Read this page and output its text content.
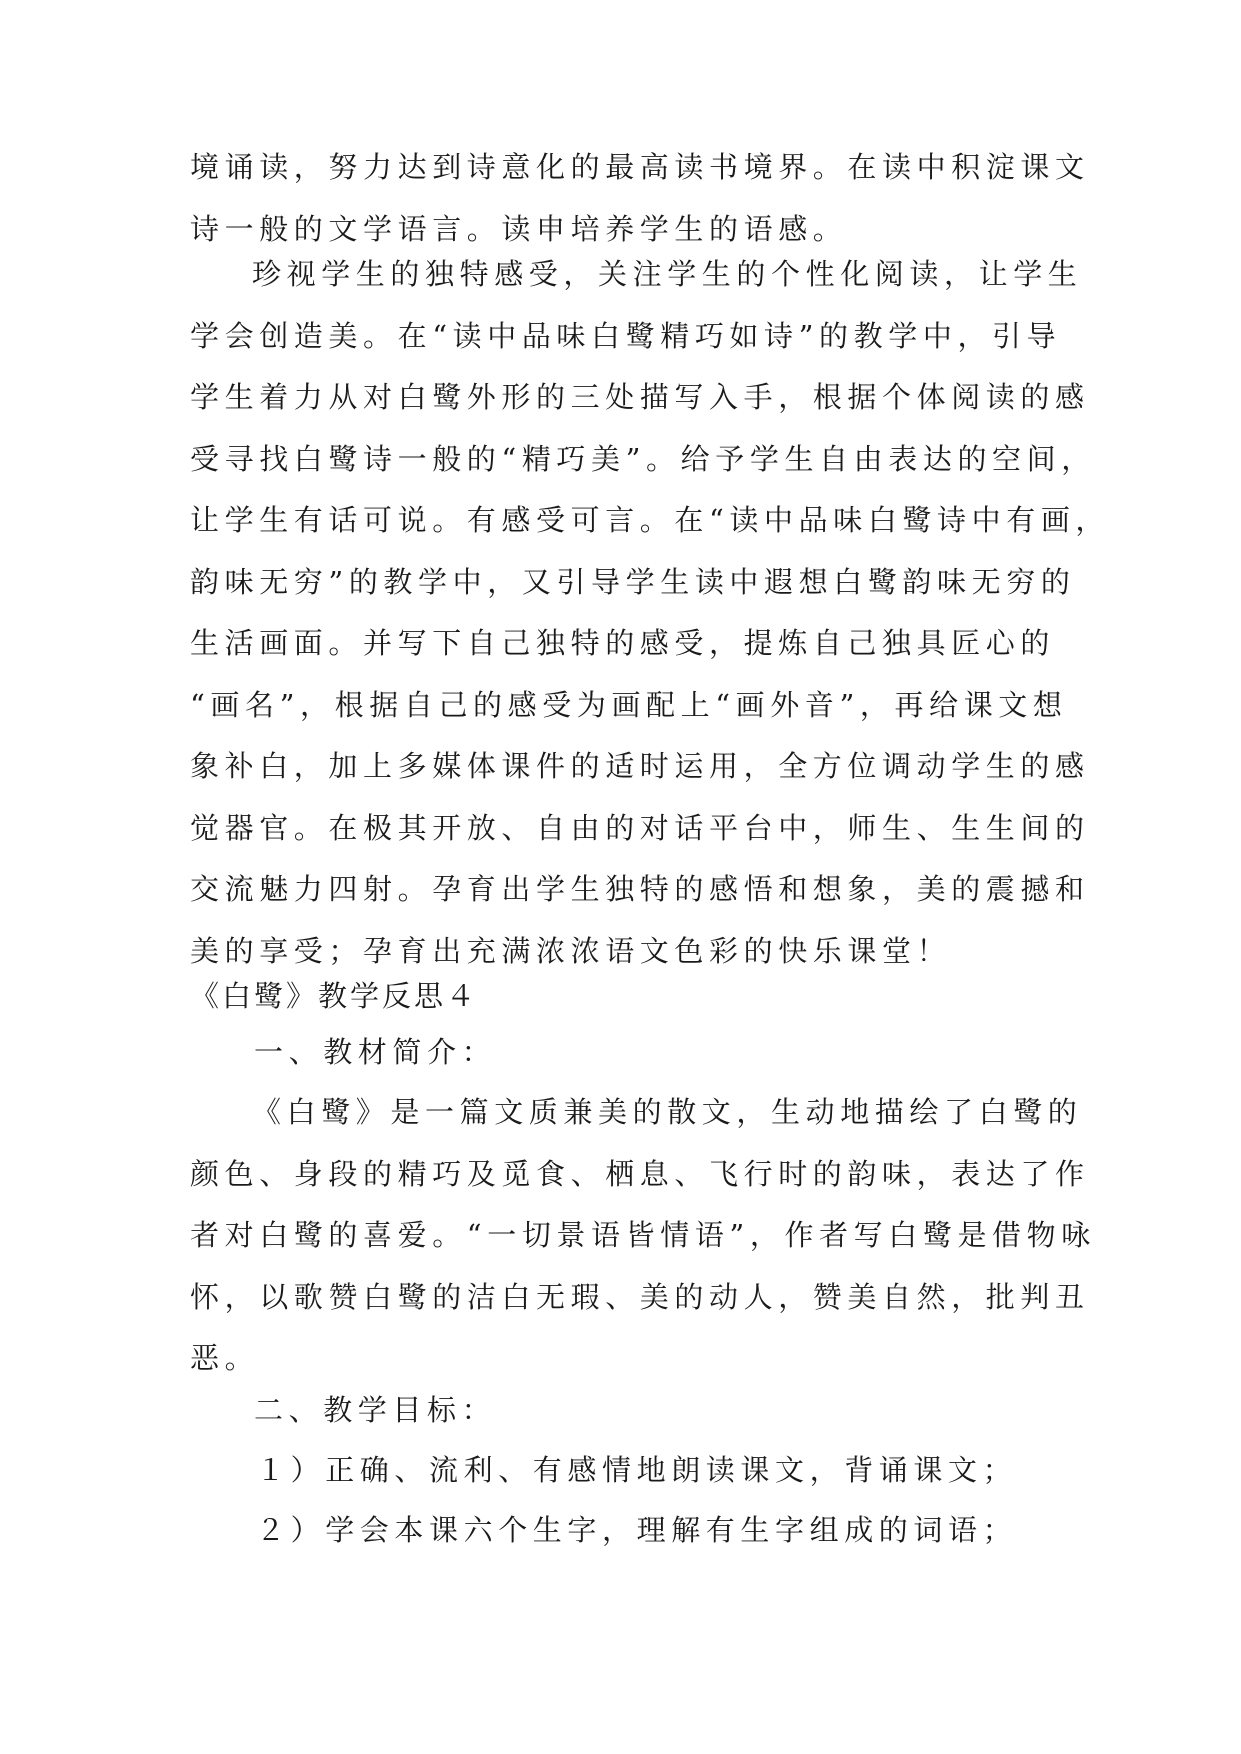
境诵读，努力达到诗意化的最高读书境界。在读中积淀课文
诗一般的文学语言。读申培养学生的语感。
珍视学生的独特感受，关注学生的个性化阅读，让学生
学会创造美。在“读中品味白鹭精巧如诗”的教学中，引导
学生着力从对白鹭外形的三处描写入手，根据个体阅读的感
受寻找白鹭诗一般的“精巧美”。给予学生自由表达的空间，
让学生有话可说。有感受可言。在“读中品味白鹭诗中有画，
韵味无穷”的教学中，又引导学生读中遐想白鹭韵味无穷的
生活画面。并写下自己独特的感受，提炼自己独具匠心的
“画名”，根据自己的感受为画配上“画外音”，再给课文想
象补白，加上多媒体课件的适时运用，全方位调动学生的感
觉器官。在极其开放、自由的对话平台中，师生、生生间的
交流魅力四射。孕育出学生独特的感悟和想象，美的震撼和
美的享受；孕育出充满浓浓语文色彩的快乐课堂！
《白鹭》教学反思４

一、教材简介：

《白鹭》是一篇文质兼美的散文，生动地描绘了白鹭的
颜色、身段的精巧及觅食、栖息、飞行时的韵味，表达了作
者对白鹭的喜爱。“一切景语皆情语”，作者写白鹭是借物咏
怀，以歌赞白鹭的洁白无瑕、美的动人，赞美自然，批判丑
恶。

二、教学目标：

１）正确、流利、有感情地朗读课文，背诵课文；

２）学会本课六个生字，理解有生字组成的词语；
